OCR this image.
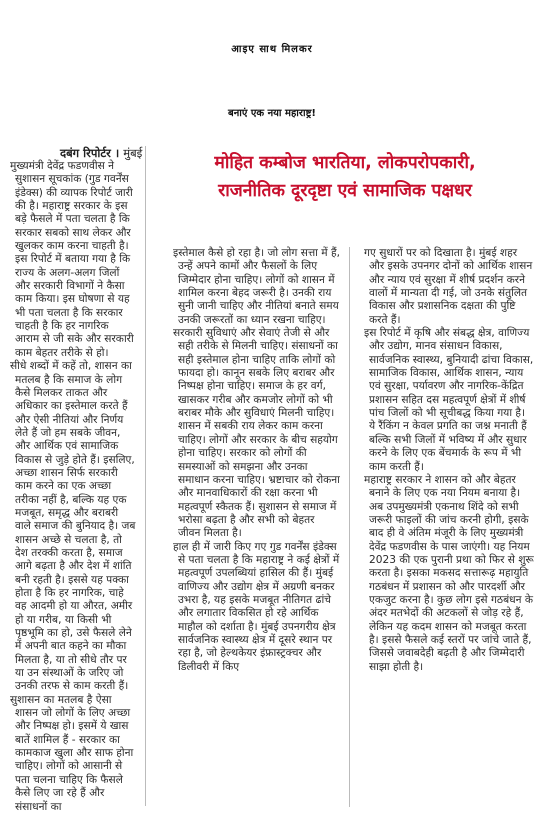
आइए साथ मिलकर
बनाएं एक नया महाराष्ट्र!
दबंग रिपोर्टर । मुंबई	मोहित कम्बोज भारतिया, लोकपरोपकारी,
राजनीतिक दूरदृष्टा एवं सामाजिक पक्षधर

मुख्यमंत्री देवेंद्र फडणवीस ने सुशासन सूचकांक (गुड गवर्नेंस इंडेक्स) की व्यापक रिपोर्ट जारी की है। महाराष्ट्र सरकार के इस बड़े फैसले में पता चलता है कि सरकार सबको साथ लेकर और खुलकर काम करना चाहती है। इस रिपोर्ट में बताया गया है कि राज्य के अलग-अलग जिलों और सरकारी विभागों ने कैसा काम किया। इस घोषणा से यह भी पता चलता है कि सरकार चाहती है कि हर नागरिक आराम से जी सके और सरकारी काम बेहतर तरीके से हो।

सीधे शब्दों में कहें तो, शासन का मतलब है कि समाज के लोग कैसे मिलकर ताकत और अधिकार का इस्तेमाल करते हैं और ऐसी नीतियां और निर्णय लेते हैं जो हम सबके जीवन, और आर्थिक एवं सामाजिक विकास से जुड़े होते हैं। इसलिए, अच्छा शासन सिर्फ सरकारी काम करने का एक अच्छा तरीका नहीं है, बल्कि यह एक मजबूत, समृद्ध और बराबरी वाले समाज की बुनियाद है। जब शासन अच्छे से चलता है, तो देश तरक्की करता है, समाज आगे बढ़ता है और देश में शांति बनी रहती है। इससे यह पक्का होता है कि हर नागरिक, चाहे वह आदमी हो या औरत, अमीर हो या गरीब, या किसी भी पृष्ठभूमि का हो, उसे फैसले लेने में अपनी बात कहने का मौका मिलता है, या तो सीधे तौर पर या उन संस्थाओं के जरिए जो उनकी तरफ से काम करती हैं।

सुशासन का मतलब है ऐसा शासन जो लोगों के लिए अच्छा और निष्पक्ष हो। इसमें ये खास बातें शामिल हैं - सरकार का कामकाज खुला और साफ होना चाहिए। लोगों को आसानी से पता चलना चाहिए कि फैसले कैसे लिए जा रहे हैं और संसाधनों का

इस्तेमाल कैसे हो रहा है। जो लोग सत्ता में हैं, उन्हें अपने कामों और फैसलों के लिए जिम्मेदार होना चाहिए। लोगों को शासन में शामिल करना बेहद जरूरी है। उनकी राय सुनी जानी चाहिए और नीतियां बनाते समय उनकी जरूरतों का ध्यान रखना चाहिए।

सरकारी सुविधाएं और सेवाएं तेजी से और सही तरीके से मिलनी चाहिए। संसाधनों का सही इस्तेमाल होना चाहिए ताकि लोगों को फायदा हो। कानून सबके लिए बराबर और निष्पक्ष होना चाहिए। समाज के हर वर्ग, खासकर गरीब और कमजोर लोगों को भी बराबर मौके और सुविधाएं मिलनी चाहिए। शासन में सबकी राय लेकर काम करना चाहिए। लोगों और सरकार के बीच सहयोग होना चाहिए। सरकार को लोगों की समस्याओं को समझना और उनका समाधान करना चाहिए। भ्रष्टाचार को रोकना और मानवाधिकारों की रक्षा करना भी महत्वपूर्ण स्कैतक हैं। सुशासन से समाज में भरोसा बढ़ता है और सभी को बेहतर जीवन मिलता है।

हाल ही में जारी किए गए गुड गवर्नेंस इंडेक्स से पता चलता है कि महाराष्ट्र ने कई क्षेत्रों में महत्वपूर्ण उपलब्धियां हासिल की हैं। मुंबई वाणिज्य और उद्योग क्षेत्र में अग्रणी बनकर उभरा है, यह इसके मजबूत नीतिगत ढांचे और लगातार विकसित हो रहे आर्थिक माहौल को दर्शाता है। मुंबई उपनगरीय क्षेत्र सार्वजनिक स्वास्थ्य क्षेत्र में दूसरे स्थान पर रहा है, जो हेल्थकेयर इंफ्रास्ट्रक्चर और डिलीवरी में किए

गए सुधारों पर को दिखाता है। मुंबई शहर और इसके उपनगर दोनों को आर्थिक शासन और न्याय एवं सुरक्षा में शीर्ष प्रदर्शन करने वालों में मान्यता दी गई, जो उनके संतुलित विकास और प्रशासनिक दक्षता की पुष्टि करते हैं।

इस रिपोर्ट में कृषि और संबद्ध क्षेत्र, वाणिज्य और उद्योग, मानव संसाधन विकास, सार्वजनिक स्वास्थ्य, बुनियादी ढांचा विकास, सामाजिक विकास, आर्थिक शासन, न्याय एवं सुरक्षा, पर्यावरण और नागरिक-केंद्रित प्रशासन सहित दस महत्वपूर्ण क्षेत्रों में शीर्ष पांच जिलों को भी सूचीबद्ध किया गया है। ये रैंकिंग न केवल प्रगति का जश्न मनाती हैं बल्कि सभी जिलों में भविष्य में और सुधार करने के लिए एक बेंचमार्क के रूप में भी काम करती हैं।

महाराष्ट्र सरकार ने शासन को और बेहतर बनाने के लिए एक नया नियम बनाया है। अब उपमुख्यमंत्री एकनाथ शिंदे को सभी जरूरी फाइलों की जांच करनी होगी, इसके बाद ही वे अंतिम मंजूरी के लिए मुख्यमंत्री देवेंद्र फडणवीस के पास जाएंगी। यह नियम 2023 की एक पुरानी प्रथा को फिर से शुरू करता है। इसका मकसद सत्तारूढ़ महायुति गठबंधन में प्रशासन को और पारदर्शी और एकजुट करना है। कुछ लोग इसे गठबंधन के अंदर मतभेदों की अटकलों से जोड़ रहे हैं, लेकिन यह कदम शासन को मजबूत करता है। इससे फैसले कई स्तरों पर जांचे जाते हैं, जिससे जवाबदेही बढ़ती है और जिम्मेदारी साझा होती है।
